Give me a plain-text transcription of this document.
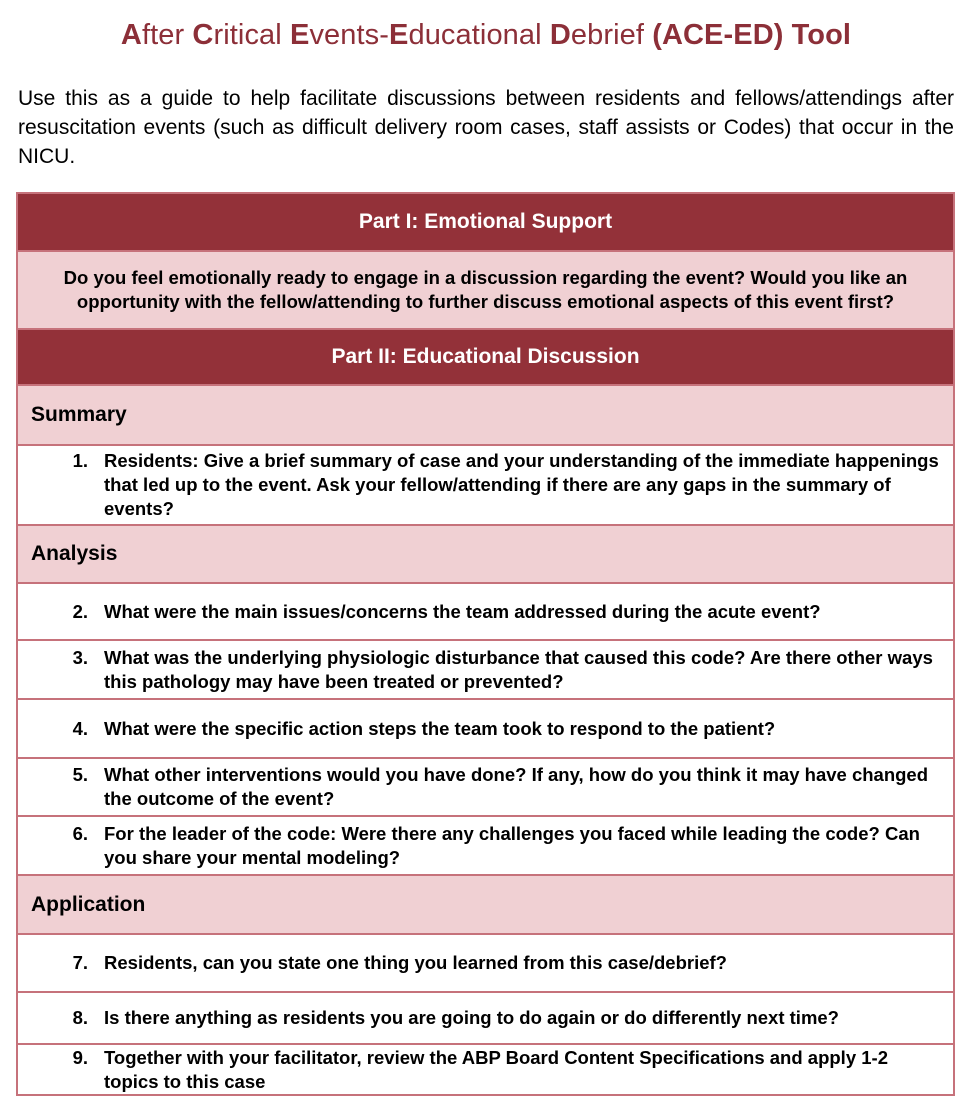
After Critical Events-Educational Debrief (ACE-ED) Tool

Use this as a guide to help facilitate discussions between residents and fellows/attendings after resuscitation events (such as difficult delivery room cases, staff assists or Codes) that occur in the NICU.

Part I: Emotional Support
Do you feel emotionally ready to engage in a discussion regarding the event? Would you like an opportunity with the fellow/attending to further discuss emotional aspects of this event first?
Part II: Educational Discussion
Summary

1. Residents: Give a brief summary of case and your understanding of the immediate happenings that led up to the event. Ask your fellow/attending if there are any gaps in the summary of events?

Analysis

2. What were the main issues/concerns the team addressed during the acute event?

3. What was the underlying physiologic disturbance that caused this code? Are there other ways this pathology may have been treated or prevented?

4. What were the specific action steps the team took to respond to the patient?

5. What other interventions would you have done? If any, how do you think it may have changed the outcome of the event?

6. For the leader of the code: Were there any challenges you faced while leading the code? Can you share your mental modeling?

Application

7. Residents, can you state one thing you learned from this case/debrief?

8. Is there anything as residents you are going to do again or do differently next time?

9. Together with your facilitator, review the ABP Board Content Specifications and apply 1-2 topics to this case
